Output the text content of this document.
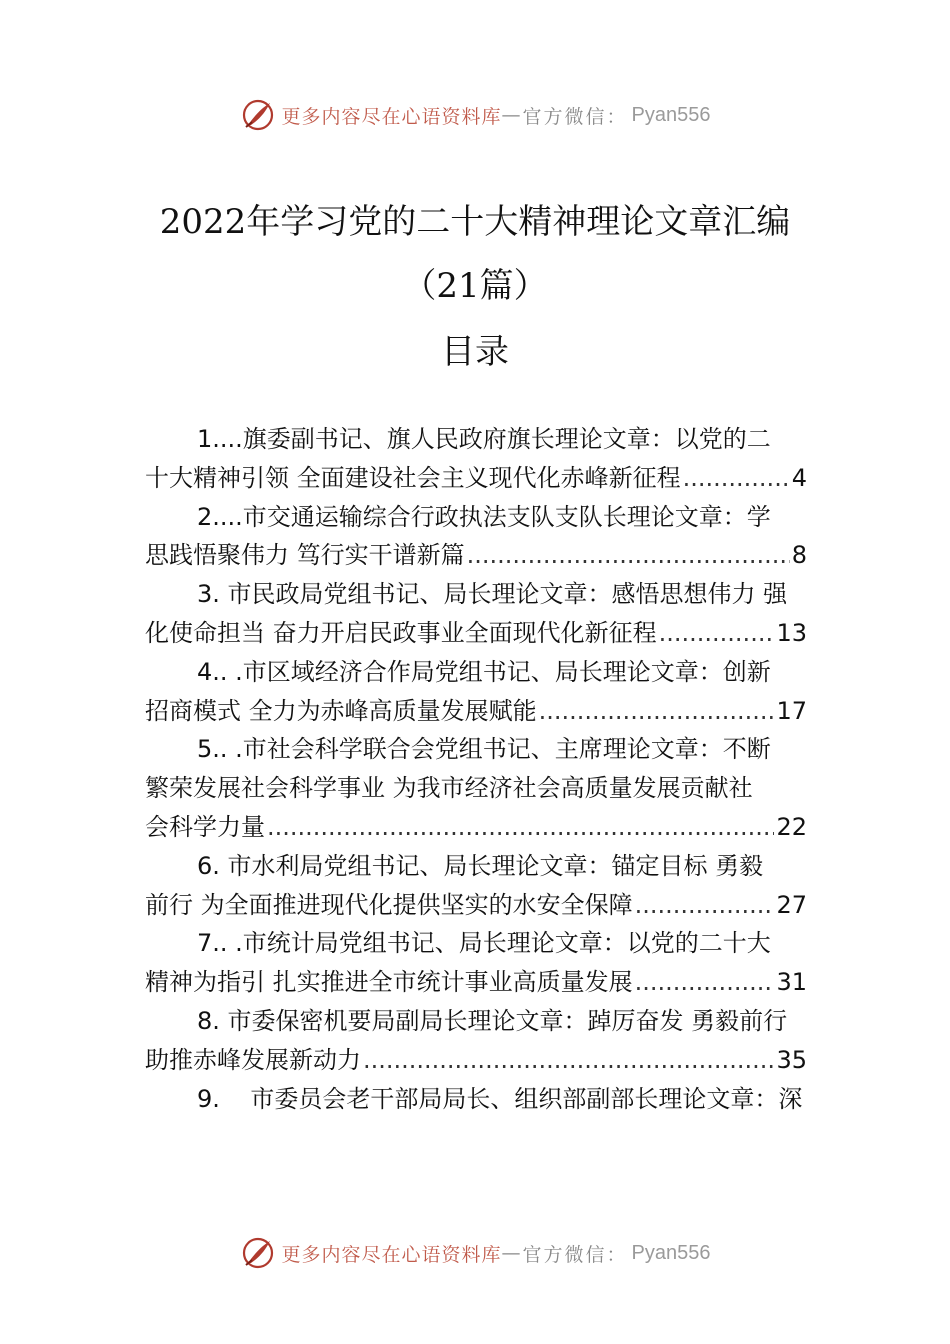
更多内容尽在心语资料库 — 官方微信： Pyan556
2022年学习党的二十大精神理论文章汇编
（21篇）
目录
1....旗委副书记、旗人民政府旗长理论文章：以党的二
十大精神引领 全面建设社会主义现代化赤峰新征程 .....	4
2....市交通运输综合行政执法支队支队长理论文章：学
思践悟聚伟力 笃行实干谱新篇 .....	8
3. 市民政局党组书记、局长理论文章：感悟思想伟力 强
化使命担当 奋力开启民政事业全面现代化新征程 .....	13
4.. .市区域经济合作局党组书记、局长理论文章：创新
招商模式 全力为赤峰高质量发展赋能 .....	17
5.. .市社会科学联合会党组书记、主席理论文章：不断
繁荣发展社会科学事业 为我市经济社会高质量发展贡献社
会科学力量 .....	22
6. 市水利局党组书记、局长理论文章：锚定目标 勇毅
前行 为全面推进现代化提供坚实的水安全保障 .....	27
7.. .市统计局党组书记、局长理论文章：以党的二十大
精神为指引 扎实推进全市统计事业高质量发展 .....	31
8. 市委保密机要局副局长理论文章：踔厉奋发 勇毅前行
助推赤峰发展新动力 .....	35
9.    市委员会老干部局局长、组织部副部长理论文章：深
更多内容尽在心语资料库 — 官方微信： Pyan556
